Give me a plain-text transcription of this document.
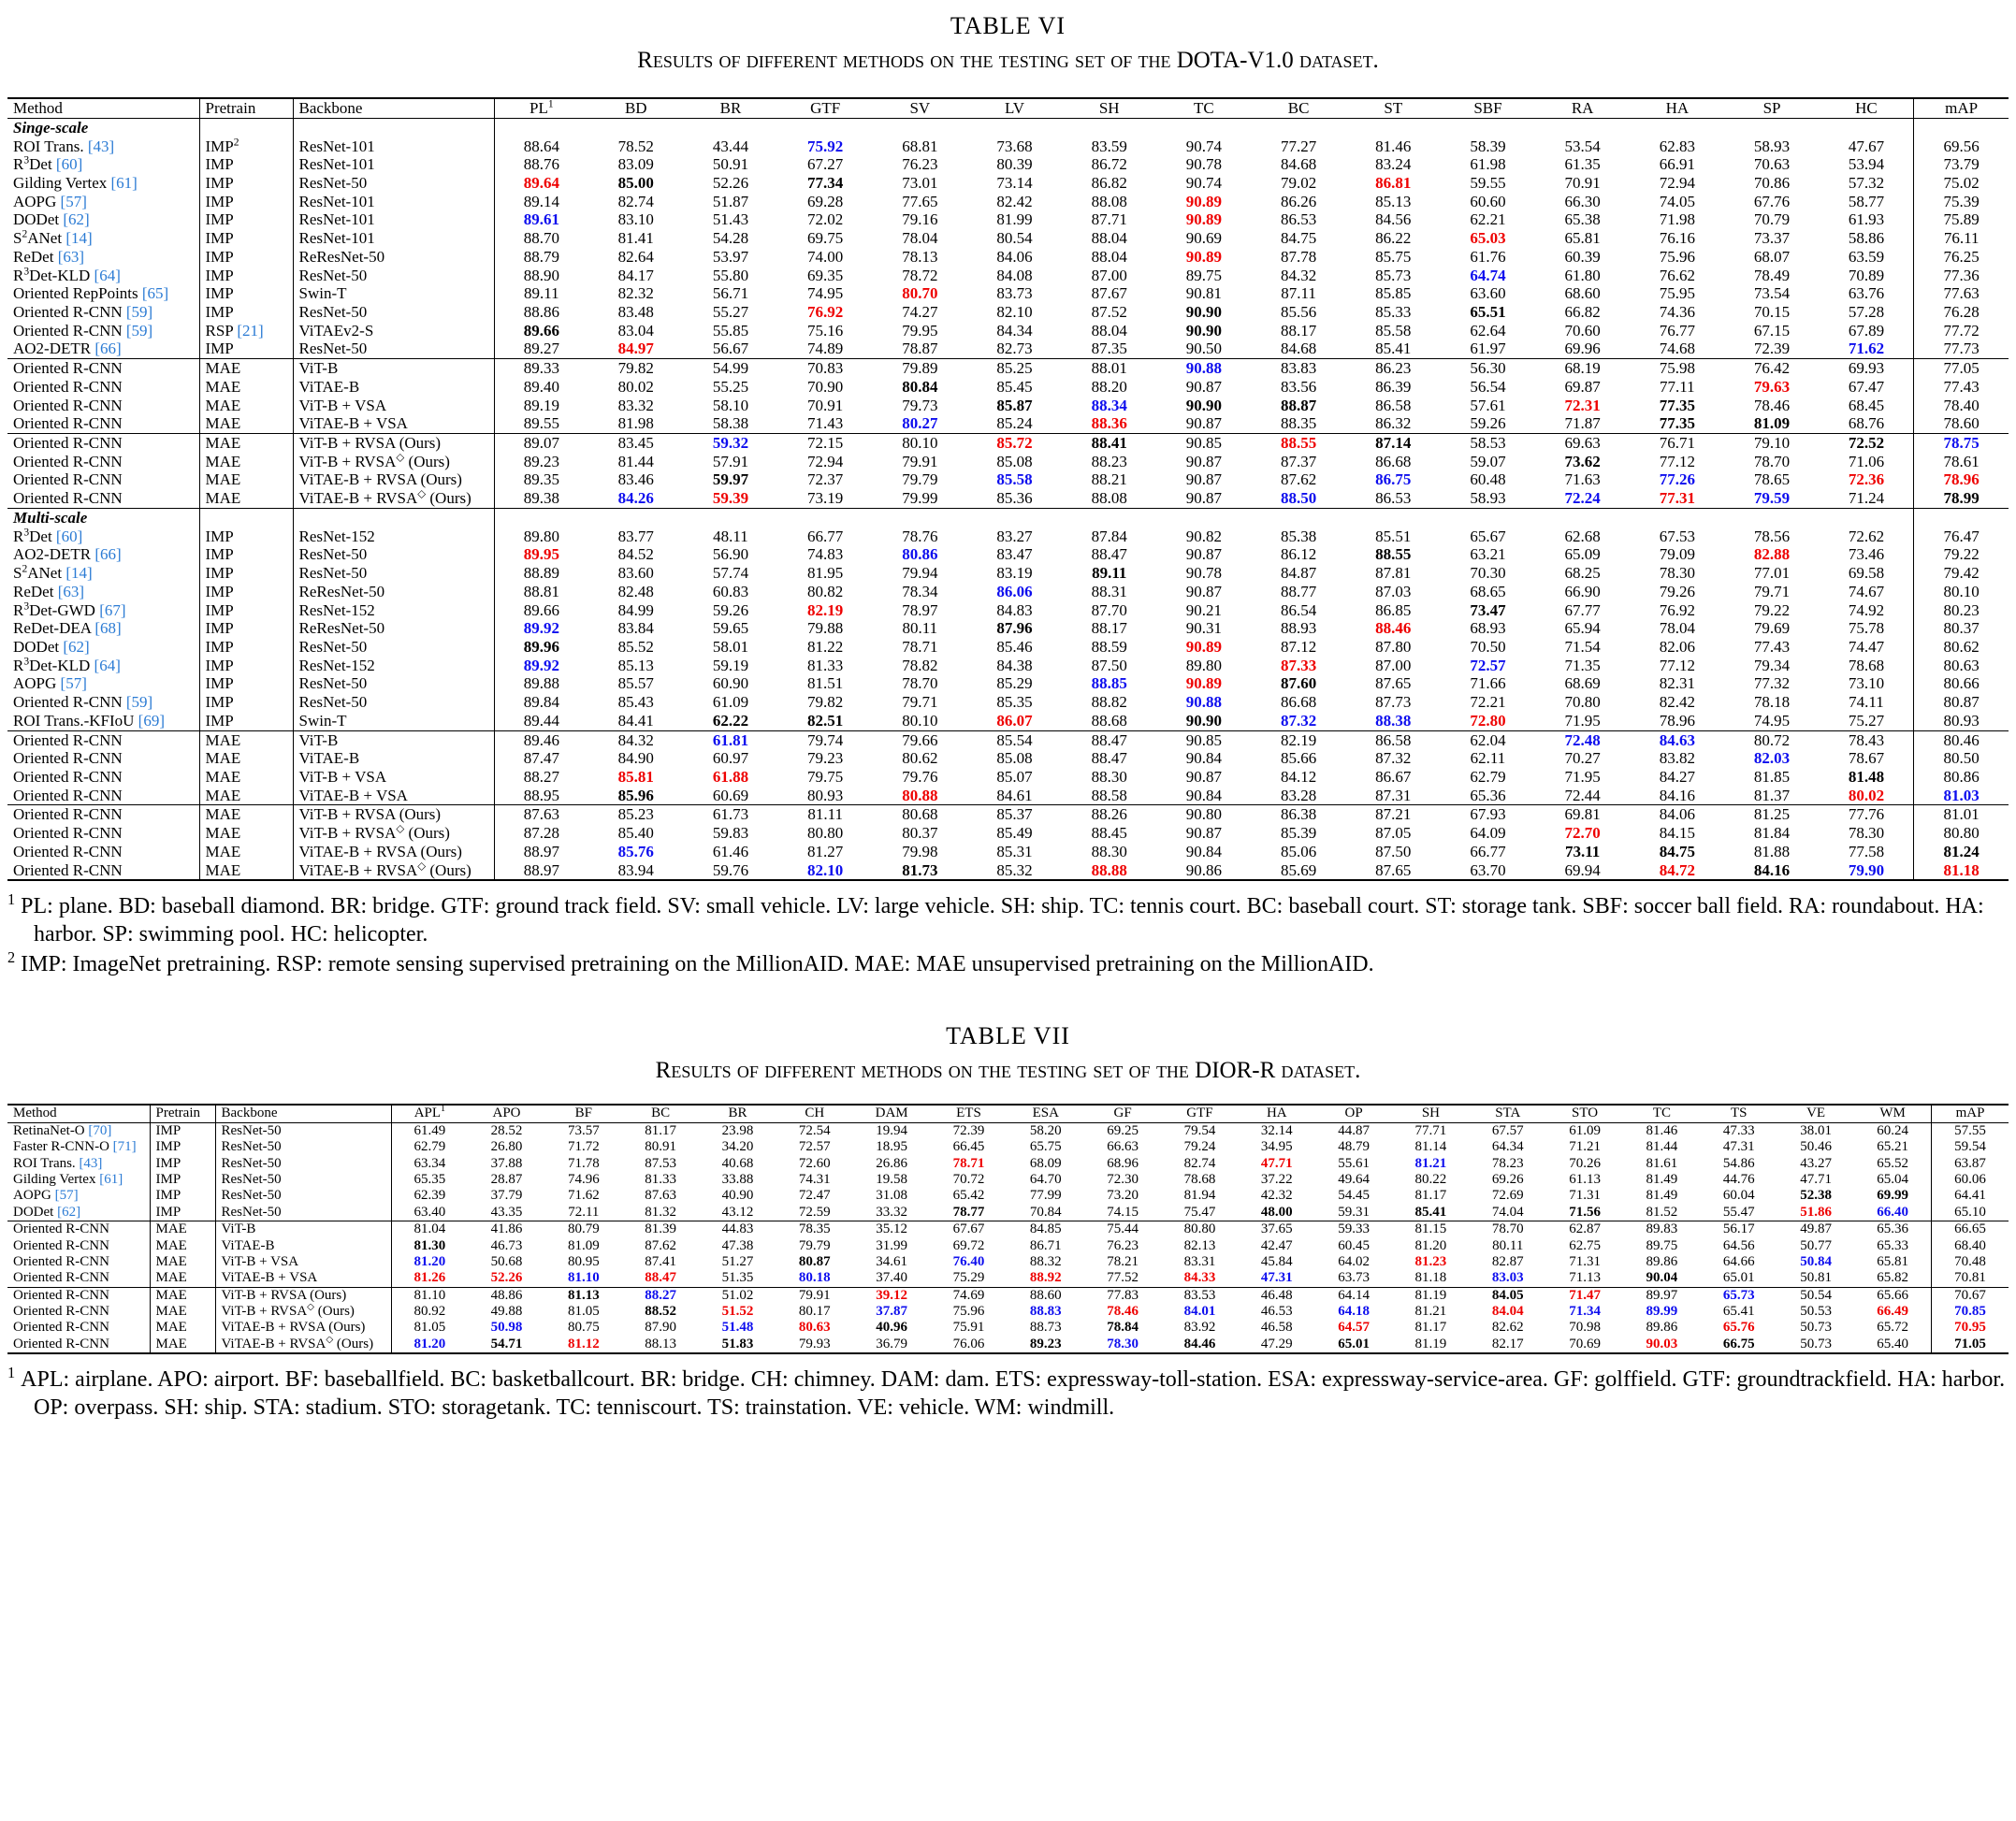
TABLE VI
Results of different methods on the testing set of the DOTA-V1.0 dataset.
Method	Pretrain	Backbone	$PL^1$	BD	BR	GTF	SV	LV	SH	TC	BC	ST	SBF	RA	HA	SP	HC	mAP
Singe-scale																		
ROI Trans. [43]	IMP$^2$	ResNet-101	88.64	78.52	43.44	75.92	68.81	73.68	83.59	90.74	77.27	81.46	58.39	53.54	62.83	58.93	47.67	69.56
$R^3Det$ [60]	IMP	ResNet-101	88.76	83.09	50.91	67.27	76.23	80.39	86.72	90.78	84.68	83.24	61.98	61.35	66.91	70.63	53.94	73.79
Gilding Vertex [61]	IMP	ResNet-50	89.64	85.00	52.26	77.34	73.01	73.14	86.82	90.74	79.02	86.81	59.55	70.91	72.94	70.86	57.32	75.02
AOPG [57]	IMP	ResNet-101	89.14	82.74	51.87	69.28	77.65	82.42	88.08	90.89	86.26	85.13	60.60	66.30	74.05	67.76	58.77	75.39
DODet [62]	IMP	ResNet-101	89.61	83.10	51.43	72.02	79.16	81.99	87.71	90.89	86.53	84.56	62.21	65.38	71.98	70.79	61.93	75.89
$S^2ANet$ [14]	IMP	ResNet-101	88.70	81.41	54.28	69.75	78.04	80.54	88.04	90.69	84.75	86.22	65.03	65.81	76.16	73.37	58.86	76.11
ReDet [63]	IMP	ReResNet-50	88.79	82.64	53.97	74.00	78.13	84.06	88.04	90.89	87.78	85.75	61.76	60.39	75.96	68.07	63.59	76.25
$R^3Det$-KLD [64]	IMP	ResNet-50	88.90	84.17	55.80	69.35	78.72	84.08	87.00	89.75	84.32	85.73	64.74	61.80	76.62	78.49	70.89	77.36
Oriented RepPoints [65]	IMP	Swin-T	89.11	82.32	56.71	74.95	80.70	83.73	87.67	90.81	87.11	85.85	63.60	68.60	75.95	73.54	63.76	77.63
Oriented R-CNN [59]	IMP	ResNet-50	88.86	83.48	55.27	76.92	74.27	82.10	87.52	90.90	85.56	85.33	65.51	66.82	74.36	70.15	57.28	76.28
Oriented R-CNN [59]	RSP [21]	ViTAEv2-S	89.66	83.04	55.85	75.16	79.95	84.34	88.04	90.90	88.17	85.58	62.64	70.60	76.77	67.15	67.89	77.72
AO2-DETR [66]	IMP	ResNet-50	89.27	84.97	56.67	74.89	78.87	82.73	87.35	90.50	84.68	85.41	61.97	69.96	74.68	72.39	71.62	77.73
Oriented R-CNN	MAE	ViT-B	89.33	79.82	54.99	70.83	79.89	85.25	88.01	90.88	83.83	86.23	56.30	68.19	75.98	76.42	69.93	77.05
Oriented R-CNN	MAE	ViTAE-B	89.40	80.02	55.25	70.90	80.84	85.45	88.20	90.87	83.56	86.39	56.54	69.87	77.11	79.63	67.47	77.43
Oriented R-CNN	MAE	ViT-B + VSA	89.19	83.32	58.10	70.91	79.73	85.87	88.34	90.90	88.87	86.58	57.61	72.31	77.35	78.46	68.45	78.40
Oriented R-CNN	MAE	ViTAE-B + VSA	89.55	81.98	58.38	71.43	80.27	85.24	88.36	90.87	88.35	86.32	59.26	71.87	77.35	81.09	68.76	78.60
Oriented R-CNN	MAE	ViT-B + RVSA (Ours)	89.07	83.45	59.32	72.15	80.10	85.72	88.41	90.85	88.55	87.14	58.53	69.63	76.71	79.10	72.52	78.75
Oriented R-CNN	MAE	ViT-B + RVSA◇ (Ours)	89.23	81.44	57.91	72.94	79.91	85.08	88.23	90.87	87.37	86.68	59.07	73.62	77.12	78.70	71.06	78.61
Oriented R-CNN	MAE	ViTAE-B + RVSA (Ours)	89.35	83.46	59.97	72.37	79.79	85.58	88.21	90.87	87.62	86.75	60.48	71.63	77.26	78.65	72.36	78.96
Oriented R-CNN	MAE	ViTAE-B + RVSA◇ (Ours)	89.38	84.26	59.39	73.19	79.99	85.36	88.08	90.87	88.50	86.53	58.93	72.24	77.31	79.59	71.24	78.99
Multi-scale																		
$R^3Det$ [60]	IMP	ResNet-152	89.80	83.77	48.11	66.77	78.76	83.27	87.84	90.82	85.38	85.51	65.67	62.68	67.53	78.56	72.62	76.47
AO2-DETR [66]	IMP	ResNet-50	89.95	84.52	56.90	74.83	80.86	83.47	88.47	90.87	86.12	88.55	63.21	65.09	79.09	82.88	73.46	79.22
$S^2ANet$ [14]	IMP	ResNet-50	88.89	83.60	57.74	81.95	79.94	83.19	89.11	90.78	84.87	87.81	70.30	68.25	78.30	77.01	69.58	79.42
ReDet [63]	IMP	ReResNet-50	88.81	82.48	60.83	80.82	78.34	86.06	88.31	90.87	88.77	87.03	68.65	66.90	79.26	79.71	74.67	80.10
$R^3Det$-GWD [67]	IMP	ResNet-152	89.66	84.99	59.26	82.19	78.97	84.83	87.70	90.21	86.54	86.85	73.47	67.77	76.92	79.22	74.92	80.23
ReDet-DEA [68]	IMP	ReResNet-50	89.92	83.84	59.65	79.88	80.11	87.96	88.17	90.31	88.93	88.46	68.93	65.94	78.04	79.69	75.78	80.37
DODet [62]	IMP	ResNet-50	89.96	85.52	58.01	81.22	78.71	85.46	88.59	90.89	87.12	87.80	70.50	71.54	82.06	77.43	74.47	80.62
$R^3Det$-KLD [64]	IMP	ResNet-152	89.92	85.13	59.19	81.33	78.82	84.38	87.50	89.80	87.33	87.00	72.57	71.35	77.12	79.34	78.68	80.63
AOPG [57]	IMP	ResNet-50	89.88	85.57	60.90	81.51	78.70	85.29	88.85	90.89	87.60	87.65	71.66	68.69	82.31	77.32	73.10	80.66
Oriented R-CNN [59]	IMP	ResNet-50	89.84	85.43	61.09	79.82	79.71	85.35	88.82	90.88	86.68	87.73	72.21	70.80	82.42	78.18	74.11	80.87
ROI Trans.-KFIoU [69]	IMP	Swin-T	89.44	84.41	62.22	82.51	80.10	86.07	88.68	90.90	87.32	88.38	72.80	71.95	78.96	74.95	75.27	80.93
Oriented R-CNN	MAE	ViT-B	89.46	84.32	61.81	79.74	79.66	85.54	88.47	90.85	82.19	86.58	62.04	72.48	84.63	80.72	78.43	80.46
Oriented R-CNN	MAE	ViTAE-B	87.47	84.90	60.97	79.23	80.62	85.08	88.47	90.84	85.66	87.32	62.11	70.27	83.82	82.03	78.67	80.50
Oriented R-CNN	MAE	ViT-B + VSA	88.27	85.81	61.88	79.75	79.76	85.07	88.30	90.87	84.12	86.67	62.79	71.95	84.27	81.85	81.48	80.86
Oriented R-CNN	MAE	ViTAE-B + VSA	88.95	85.96	60.69	80.93	80.88	84.61	88.58	90.84	83.28	87.31	65.36	72.44	84.16	81.37	80.02	81.03
Oriented R-CNN	MAE	ViT-B + RVSA (Ours)	87.63	85.23	61.73	81.11	80.68	85.37	88.26	90.80	86.38	87.21	67.93	69.81	84.06	81.25	77.76	81.01
Oriented R-CNN	MAE	ViT-B + RVSA◇ (Ours)	87.28	85.40	59.83	80.80	80.37	85.49	88.45	90.87	85.39	87.05	64.09	72.70	84.15	81.84	78.30	80.80
Oriented R-CNN	MAE	ViTAE-B + RVSA (Ours)	88.97	85.76	61.46	81.27	79.98	85.31	88.30	90.84	85.06	87.50	66.77	73.11	84.75	81.88	77.58	81.24
Oriented R-CNN	MAE	ViTAE-B + RVSA◇ (Ours)	88.97	83.94	59.76	82.10	81.73	85.32	88.88	90.86	85.69	87.65	63.70	69.94	84.72	84.16	79.90	81.18
$^1$ PL: plane. BD: baseball diamond. BR: bridge. GTF: ground track field. SV: small vehicle. LV: large vehicle. SH: ship. TC: tennis court. BC: baseball court. ST: storage tank. SBF: soccer ball field. RA: roundabout. HA: harbor. SP: swimming pool. HC: helicopter.
$^2$ IMP: ImageNet pretraining. RSP: remote sensing supervised pretraining on the MillionAID. MAE: MAE unsupervised pretraining on the MillionAID.
TABLE VII
Results of different methods on the testing set of the DIOR-R dataset.
Method	Pretrain	Backbone	APL$^1$	APO	BF	BC	BR	CH	DAM	ETS	ESA	GF	GTF	HA	OP	SH	STA	STO	TC	TS	VE	WM	mAP
RetinaNet-O [70]	IMP	ResNet-50	61.49	28.52	73.57	81.17	23.98	72.54	19.94	72.39	58.20	69.25	79.54	32.14	44.87	77.71	67.57	61.09	81.46	47.33	38.01	60.24	57.55
Faster R-CNN-O [71]	IMP	ResNet-50	62.79	26.80	71.72	80.91	34.20	72.57	18.95	66.45	65.75	66.63	79.24	34.95	48.79	81.14	64.34	71.21	81.44	47.31	50.46	65.21	59.54
ROI Trans. [43]	IMP	ResNet-50	63.34	37.88	71.78	87.53	40.68	72.60	26.86	78.71	68.09	68.96	82.74	47.71	55.61	81.21	78.23	70.26	81.61	54.86	43.27	65.52	63.87
Gilding Vertex [61]	IMP	ResNet-50	65.35	28.87	74.96	81.33	33.88	74.31	19.58	70.72	64.70	72.30	78.68	37.22	49.64	80.22	69.26	61.13	81.49	44.76	47.71	65.04	60.06
AOPG [57]	IMP	ResNet-50	62.39	37.79	71.62	87.63	40.90	72.47	31.08	65.42	77.99	73.20	81.94	42.32	54.45	81.17	72.69	71.31	81.49	60.04	52.38	69.99	64.41
DODet [62]	IMP	ResNet-50	63.40	43.35	72.11	81.32	43.12	72.59	33.32	78.77	70.84	74.15	75.47	48.00	59.31	85.41	74.04	71.56	81.52	55.47	51.86	66.40	65.10
Oriented R-CNN	MAE	ViT-B	81.04	41.86	80.79	81.39	44.83	78.35	35.12	67.67	84.85	75.44	80.80	37.65	59.33	81.15	78.70	62.87	89.83	56.17	49.87	65.36	66.65
Oriented R-CNN	MAE	ViTAE-B	81.30	46.73	81.09	87.62	47.38	79.79	31.99	69.72	86.71	76.23	82.13	42.47	60.45	81.20	80.11	62.75	89.75	64.56	50.77	65.33	68.40
Oriented R-CNN	MAE	ViT-B + VSA	81.20	50.68	80.95	87.41	51.27	80.87	34.61	76.40	88.32	78.21	83.31	45.84	64.02	81.23	82.87	71.31	89.86	64.66	50.84	65.81	70.48
Oriented R-CNN	MAE	ViTAE-B + VSA	81.26	52.26	81.10	88.47	51.35	80.18	37.40	75.29	88.92	77.52	84.33	47.31	63.73	81.18	83.03	71.13	90.04	65.01	50.81	65.82	70.81
Oriented R-CNN	MAE	ViT-B + RVSA (Ours)	81.10	48.86	81.13	88.27	51.02	79.91	39.12	74.69	88.60	77.83	83.53	46.48	64.14	81.19	84.05	71.47	89.97	65.73	50.54	65.66	70.67
Oriented R-CNN	MAE	ViT-B + RVSA◇ (Ours)	80.92	49.88	81.05	88.52	51.52	80.17	37.87	75.96	88.83	78.46	84.01	46.53	64.18	81.21	84.04	71.34	89.99	65.41	50.53	66.49	70.85
Oriented R-CNN	MAE	ViTAE-B + RVSA (Ours)	81.05	50.98	80.75	87.90	51.48	80.63	40.96	75.91	88.73	78.84	83.92	46.58	64.57	81.17	82.62	70.98	89.86	65.76	50.73	65.72	70.95
Oriented R-CNN	MAE	ViTAE-B + RVSA◇ (Ours)	81.20	54.71	81.12	88.13	51.83	79.93	36.79	76.06	89.23	78.30	84.46	47.29	65.01	81.19	82.17	70.69	90.03	66.75	50.73	65.40	71.05
$^1$ APL: airplane. APO: airport. BF: baseballfield. BC: basketballcourt. BR: bridge. CH: chimney. DAM: dam. ETS: expressway-toll-station. ESA: expressway-service-area. GF: golffield. GTF: groundtrackfield. HA: harbor. OP: overpass. SH: ship. STA: stadium. STO: storagetank. TC: tenniscourt. TS: trainstation. VE: vehicle. WM: windmill.
